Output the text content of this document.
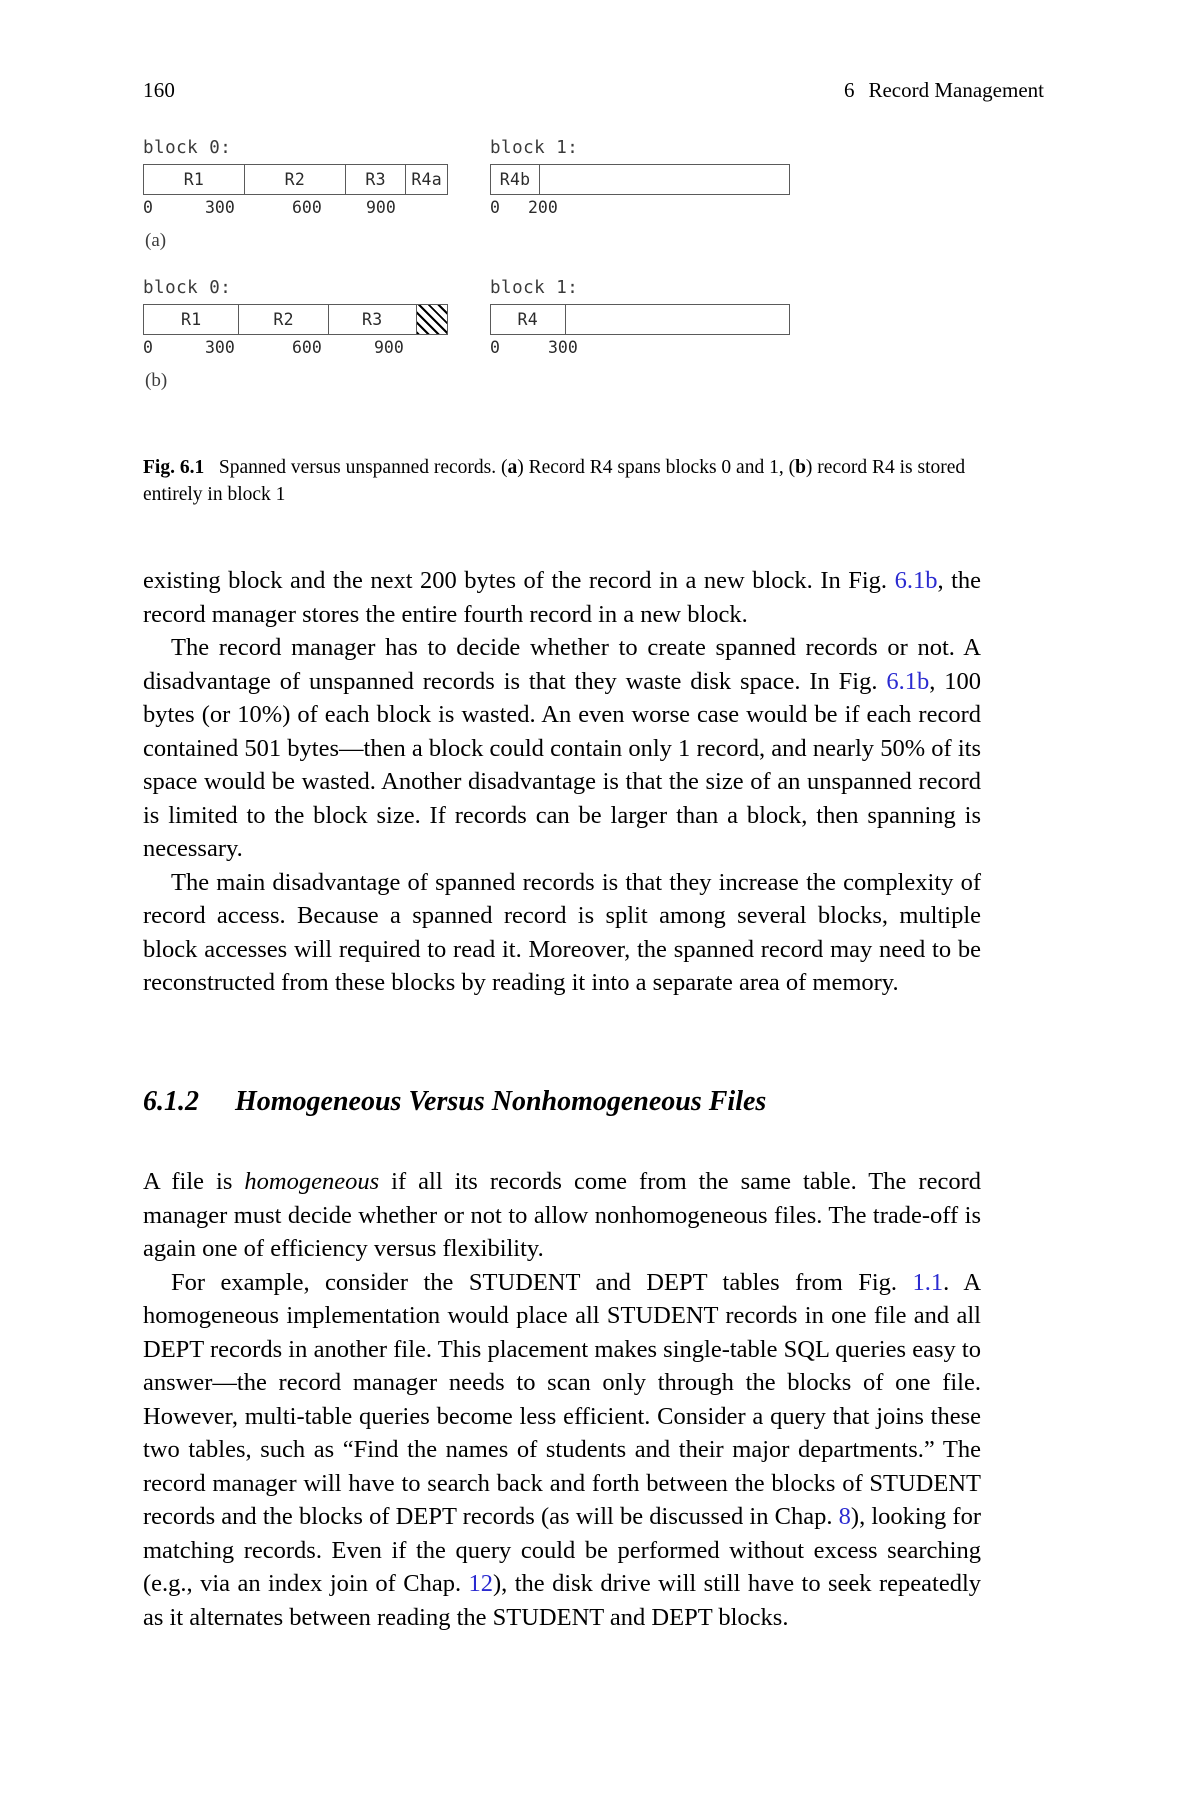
160	6 Record Management
block 0:
R1	R2	R3	R4a
0	300	600	900
(a)
block 1:
R4b
0 200
block 0:
R1	R2	R3
0	300	600	900
(b)
block 1:
R4
0	300
Fig. 6.1 Spanned versus unspanned records. (a) Record R4 spans blocks 0 and 1, (b) record R4 is stored entirely in block 1

existing block and the next 200 bytes of the record in a new block. In Fig. 6.1b, the record manager stores the entire fourth record in a new block.

The record manager has to decide whether to create spanned records or not. A disadvantage of unspanned records is that they waste disk space. In Fig. 6.1b, 100 bytes (or 10%) of each block is wasted. An even worse case would be if each record contained 501 bytes—then a block could contain only 1 record, and nearly 50% of its space would be wasted. Another disadvantage is that the size of an unspanned record is limited to the block size. If records can be larger than a block, then spanning is necessary.

The main disadvantage of spanned records is that they increase the complexity of record access. Because a spanned record is split among several blocks, multiple block accesses will required to read it. Moreover, the spanned record may need to be reconstructed from these blocks by reading it into a separate area of memory.

6.1.2	Homogeneous Versus Nonhomogeneous Files

A file is homogeneous if all its records come from the same table. The record manager must decide whether or not to allow nonhomogeneous files. The trade-off is again one of efficiency versus flexibility.

For example, consider the STUDENT and DEPT tables from Fig. 1.1. A homogeneous implementation would place all STUDENT records in one file and all DEPT records in another file. This placement makes single-table SQL queries easy to answer—the record manager needs to scan only through the blocks of one file. However, multi-table queries become less efficient. Consider a query that joins these two tables, such as “Find the names of students and their major departments.” The record manager will have to search back and forth between the blocks of STUDENT records and the blocks of DEPT records (as will be discussed in Chap. 8), looking for matching records. Even if the query could be performed without excess searching (e.g., via an index join of Chap. 12), the disk drive will still have to seek repeatedly as it alternates between reading the STUDENT and DEPT blocks.
